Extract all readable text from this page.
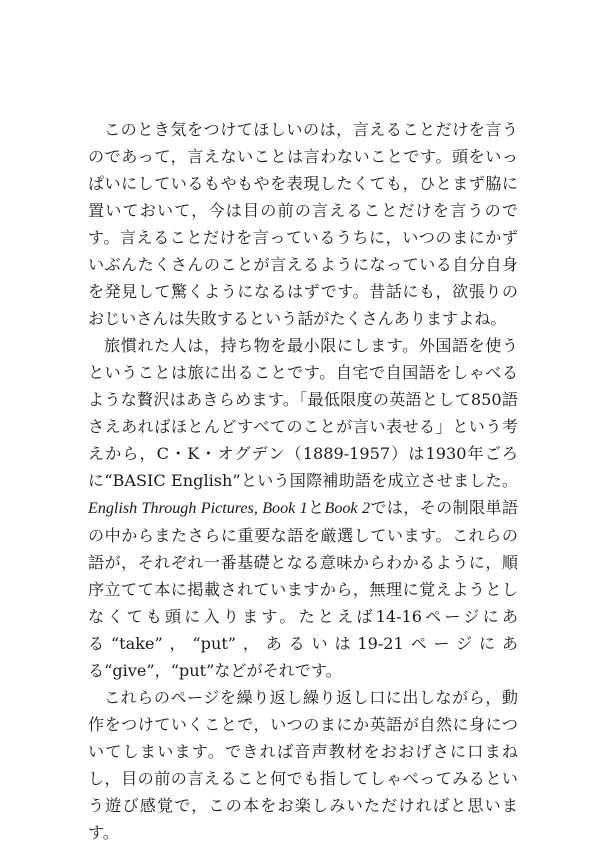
このとき気をつけてほしいのは，言えることだけを言うのであって，言えないことは言わないことです。頭をいっぱいにしているもやもやを表現したくても，ひとまず脇に置いておいて，今は目の前の言えることだけを言うのです。言えることだけを言っているうちに，いつのまにかずいぶんたくさんのことが言えるようになっている自分自身を発見して驚くようになるはずです。昔話にも，欲張りのおじいさんは失敗するという話がたくさんありますよね。

旅慣れた人は，持ち物を最小限にします。外国語を使うということは旅に出ることです。自宅で自国語をしゃべるような贅沢はあきらめます。「最低限度の英語として850語さえあればほとんどすべてのことが言い表せる」という考えから，C・K・オグデン（1889-1957）は1930年ごろに“BASIC English”という国際補助語を成立させました。English Through Pictures, Book 1とBook 2では，その制限単語の中からまたさらに重要な語を厳選しています。これらの語が，それぞれ一番基礎となる意味からわかるように，順序立てて本に掲載されていますから，無理に覚えようとしなくても頭に入ります。たとえば14-16ページにある“take”，“put”，あるいは19-21ページにある“give”，“put”などがそれです。

これらのページを繰り返し繰り返し口に出しながら，動作をつけていくことで，いつのまにか英語が自然に身についてしまいます。できれば音声教材をおおげさに口まねし，目の前の言えること何でも指してしゃべってみるという遊び感覚で，この本をお楽しみいただければと思います。
